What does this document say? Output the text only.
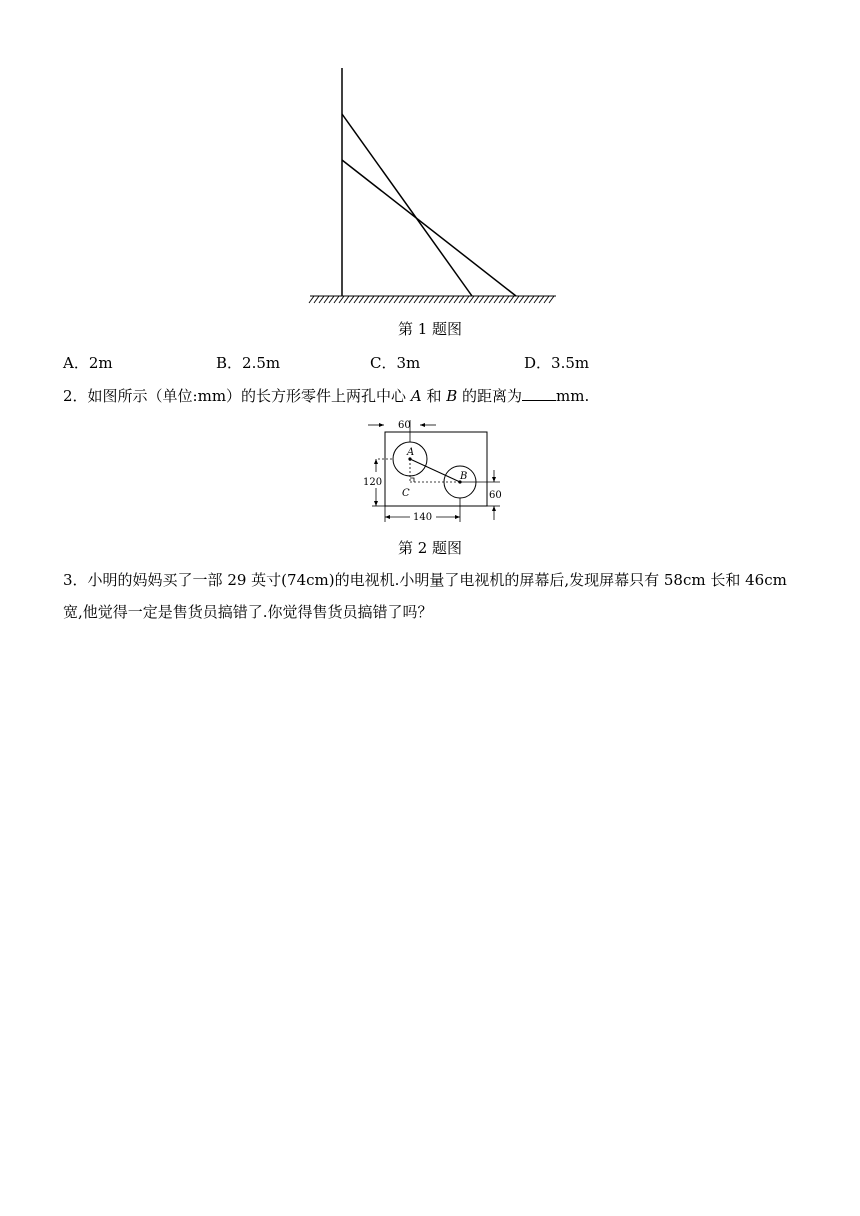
第 1 题图
A．2m	B．2.5m	C．3m	D．3.5m
2．如图所示（单位:mm）的长方形零件上两孔中心 A 和 B 的距离为 mm.
60
120
60
140
A
B
C
第 2 题图
3．小明的妈妈买了一部 29 英寸(74cm)的电视机.小明量了电视机的屏幕后,发现屏幕只有 58cm 长和 46cm 宽,他觉得一定是售货员搞错了.你觉得售货员搞错了吗？
